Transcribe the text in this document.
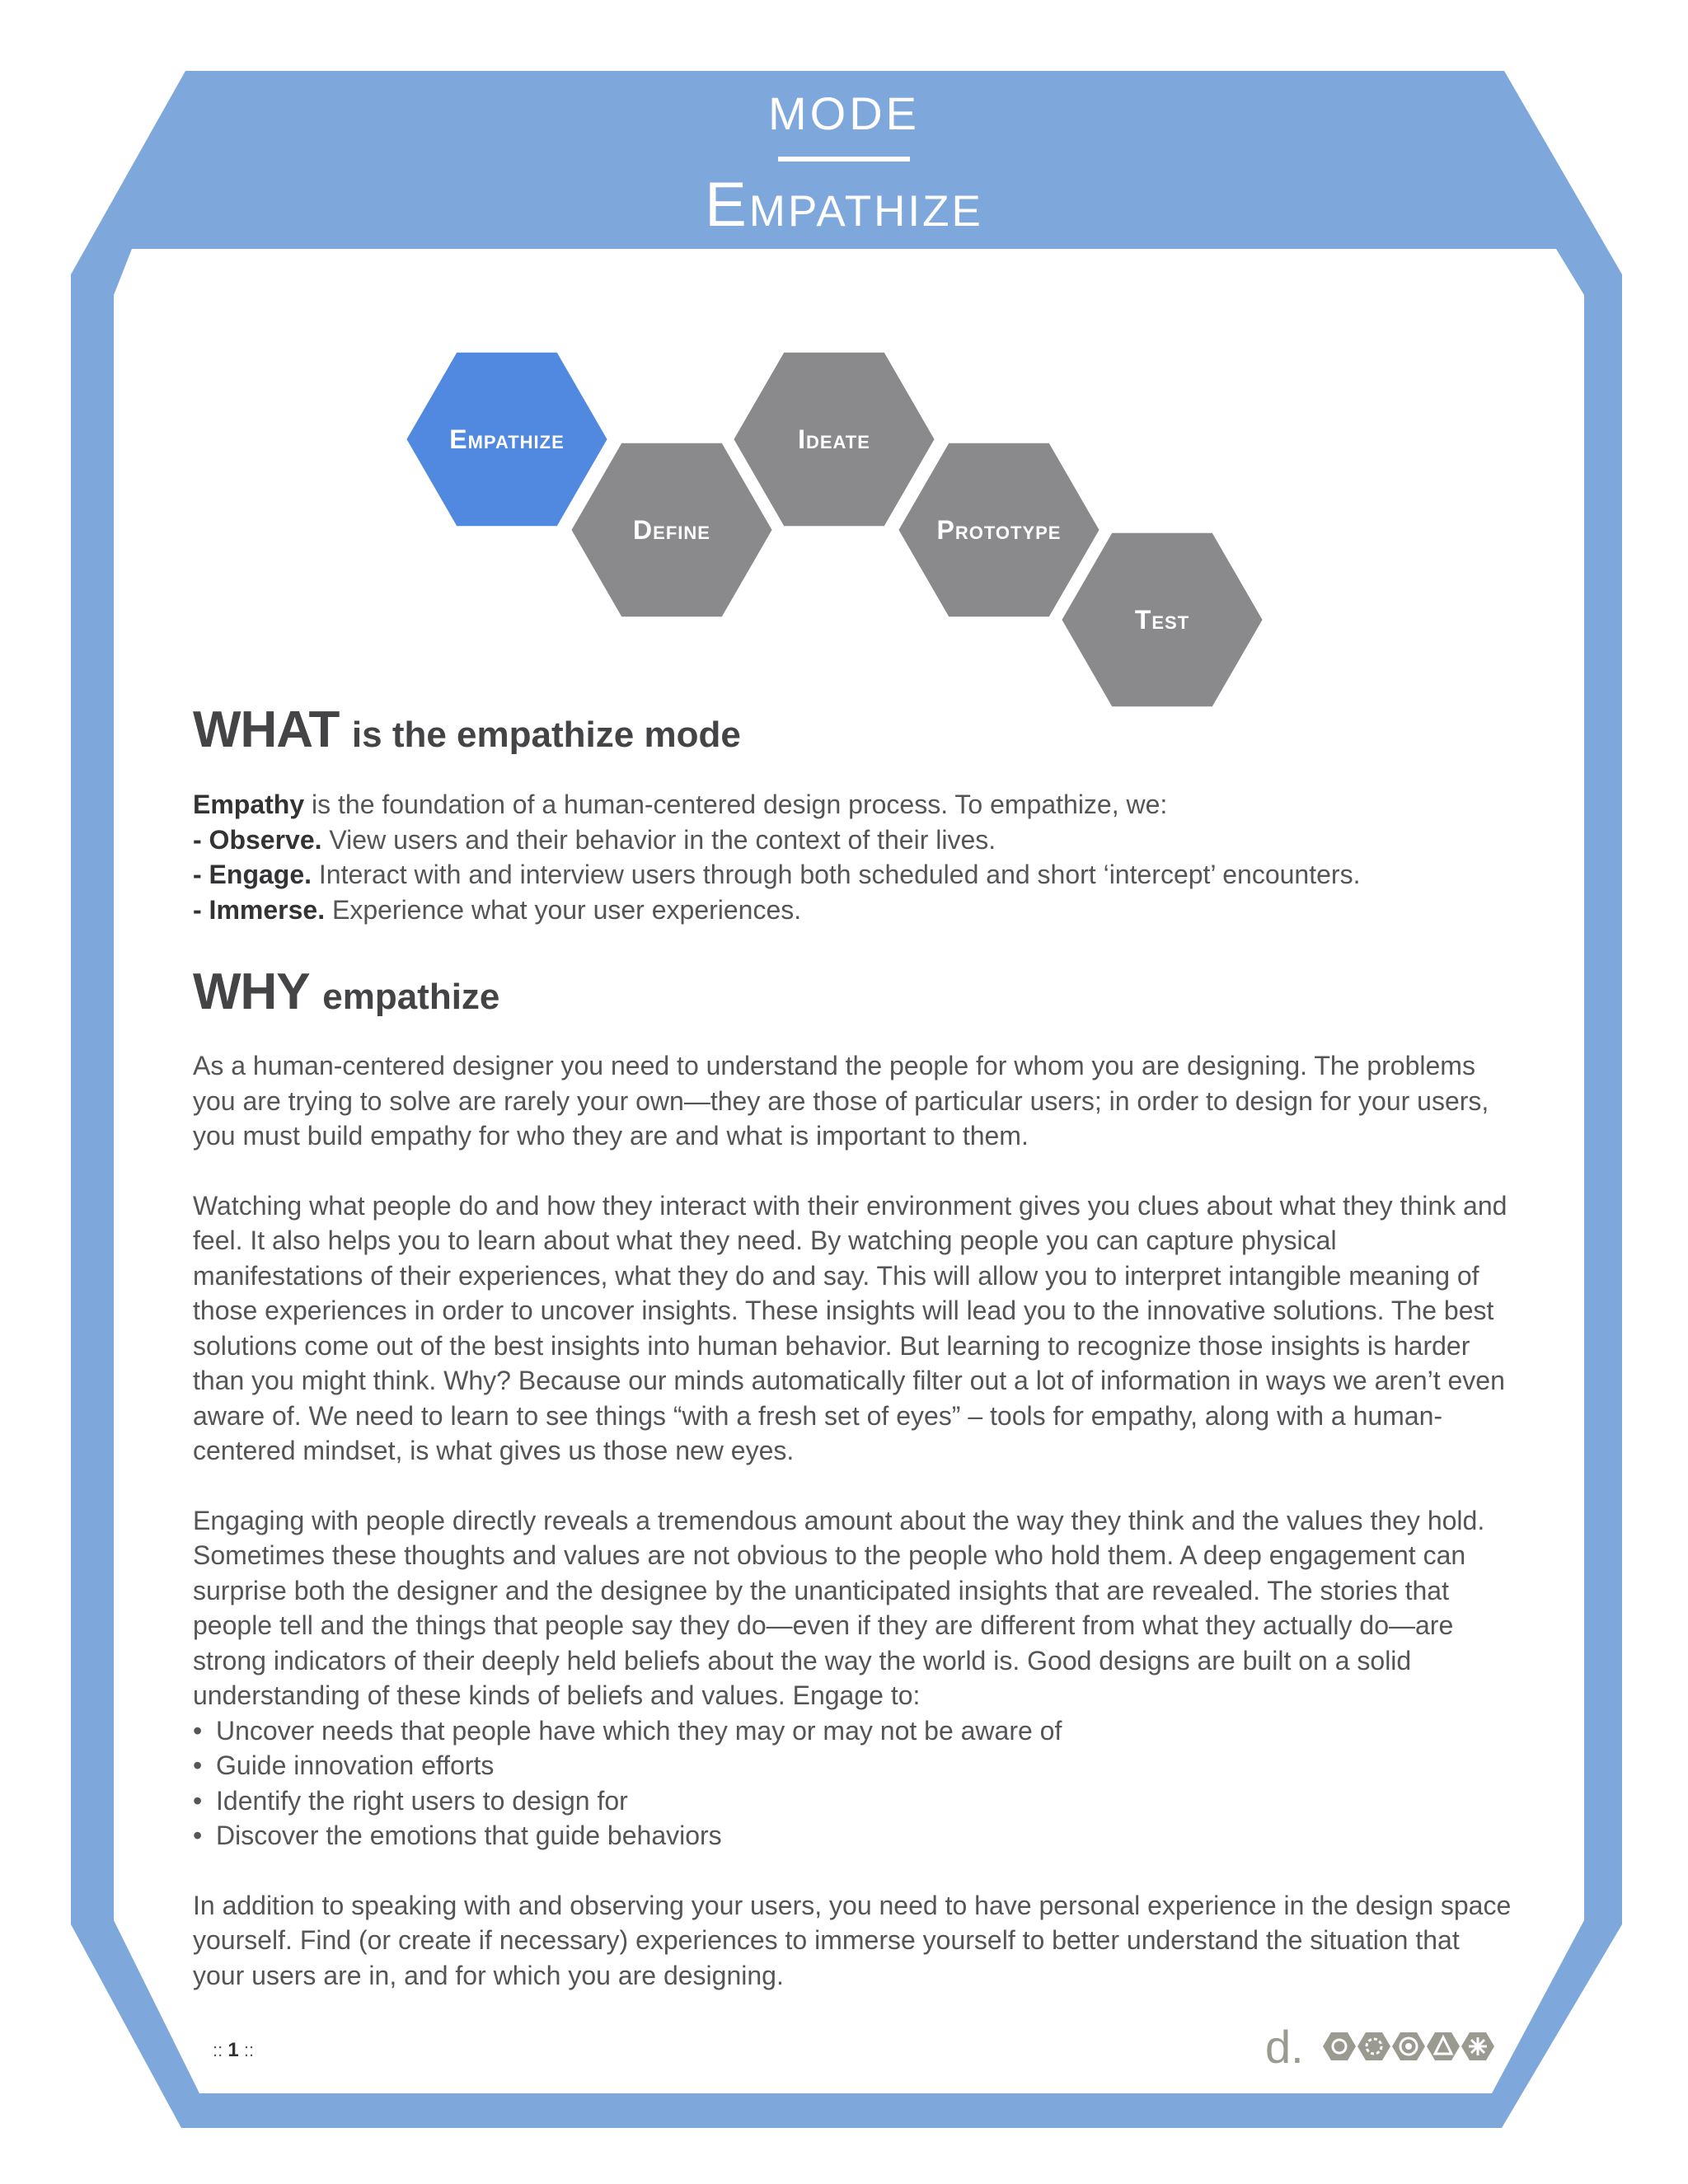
MODE
Empathize
Empathize
Define
Ideate
Prototype
Test
WHAT is the empathize mode

Empathy is the foundation of a human-centered design process. To empathize, we:

- Observe. View users and their behavior in the context of their lives.

- Engage. Interact with and interview users through both scheduled and short ‘intercept’ encounters.

- Immerse. Experience what your user experiences.

WHY empathize

As a human-centered designer you need to understand the people for whom you are designing. The problems you are trying to solve are rarely your own—they are those of particular users; in order to design for your users, you must build empathy for who they are and what is important to them.

Watching what people do and how they interact with their environment gives you clues about what they think and feel. It also helps you to learn about what they need. By watching people you can capture physical manifestations of their experiences, what they do and say. This will allow you to interpret intangible meaning of those experiences in order to uncover insights. These insights will lead you to the innovative solutions. The best solutions come out of the best insights into human behavior. But learning to recognize those insights is harder than you might think. Why? Because our minds automatically filter out a lot of information in ways we aren’t even aware of. We need to learn to see things “with a fresh set of eyes” – tools for empathy, along with a human-centered mindset, is what gives us those new eyes.

Engaging with people directly reveals a tremendous amount about the way they think and the values they hold. Sometimes these thoughts and values are not obvious to the people who hold them. A deep engagement can surprise both the designer and the designee by the unanticipated insights that are revealed. The stories that people tell and the things that people say they do—even if they are different from what they actually do—are strong indicators of their deeply held beliefs about the way the world is. Good designs are built on a solid understanding of these kinds of beliefs and values. Engage to:

• Uncover needs that people have which they may or may not be aware of
• Guide innovation efforts
• Identify the right users to design for
• Discover the emotions that guide behaviors

In addition to speaking with and observing your users, you need to have personal experience in the design space yourself. Find (or create if necessary) experiences to immerse yourself to better understand the situation that your users are in, and for which you are designing.

:: 1 ::	d.
